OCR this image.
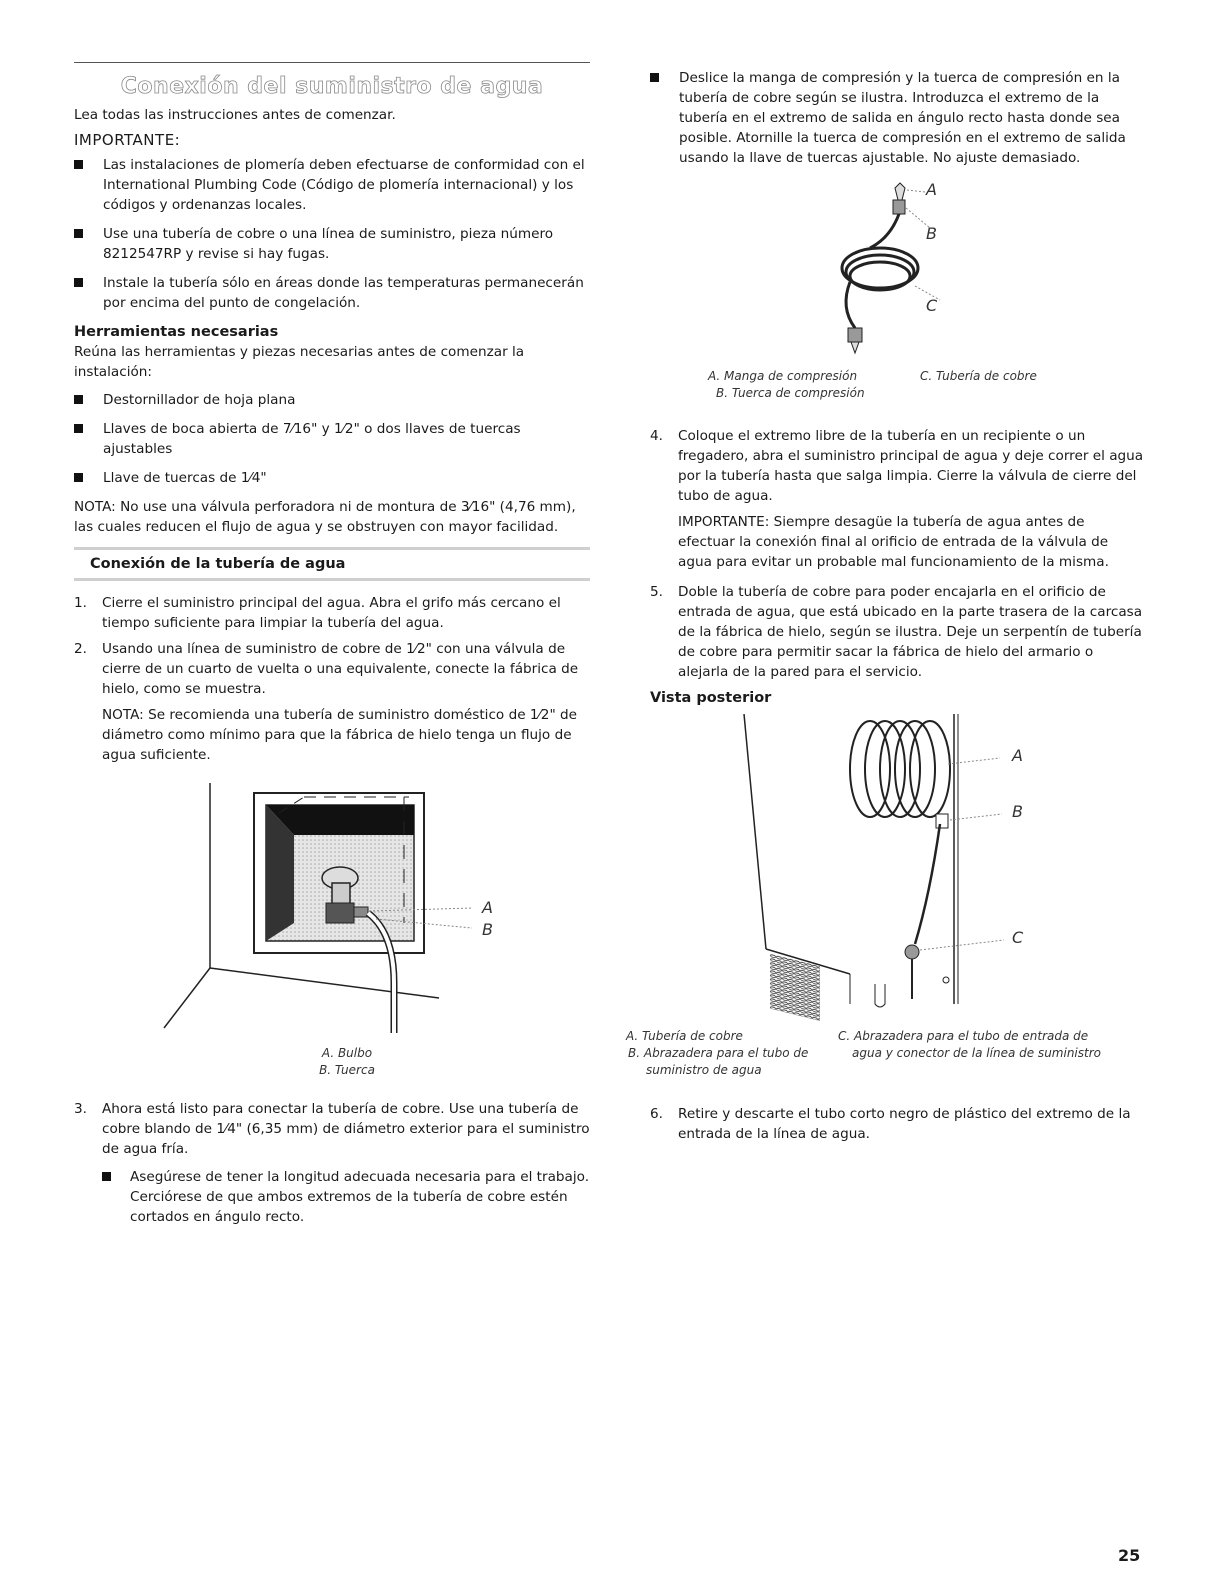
Conexión del suministro de agua

Lea todas las instrucciones antes de comenzar.

IMPORTANTE:

Las instalaciones de plomería deben efectuarse de conformidad con el International Plumbing Code (Código de plomería internacional) y los códigos y ordenanzas locales.
Use una tubería de cobre o una línea de suministro, pieza número 8212547RP y revise si hay fugas.
Instale la tubería sólo en áreas donde las temperaturas permanecerán por encima del punto de congelación.

Herramientas necesarias

Reúna las herramientas y piezas necesarias antes de comenzar la instalación:

Destornillador de hoja plana
Llaves de boca abierta de 7⁄16" y 1⁄2" o dos llaves de tuercas ajustables
Llave de tuercas de 1⁄4"

NOTA: No use una válvula perforadora ni de montura de 3⁄16" (4,76 mm), las cuales reducen el flujo de agua y se obstruyen con mayor facilidad.

Conexión de la tubería de agua
1. Cierre el suministro principal del agua. Abra el grifo más cercano el tiempo suficiente para limpiar la tubería del agua.
2. Usando una línea de suministro de cobre de 1⁄2" con una válvula de cierre de un cuarto de vuelta o una equivalente, conecte la fábrica de hielo, como se muestra.

NOTA: Se recomienda una tubería de suministro doméstico de 1⁄2" de diámetro como mínimo para que la fábrica de hielo tenga un flujo de agua suficiente.

A
B
A. Bulbo
B. Tuerca
3. Ahora está listo para conectar la tubería de cobre. Use una tubería de cobre blando de 1⁄4" (6,35 mm) de diámetro exterior para el suministro de agua fría.
Asegúrese de tener la longitud adecuada necesaria para el trabajo. Cerciórese de que ambos extremos de la tubería de cobre estén cortados en ángulo recto.
Deslice la manga de compresión y la tuerca de compresión en la tubería de cobre según se ilustra. Introduzca el extremo de la tubería en el extremo de salida en ángulo recto hasta donde sea posible. Atornille la tuerca de compresión en el extremo de salida usando la llave de tuercas ajustable. No ajuste demasiado.
A
B
C
A. Manga de compresión
B. Tuerca de compresión
C. Tubería de cobre
4. Coloque el extremo libre de la tubería en un recipiente o un fregadero, abra el suministro principal de agua y deje correr el agua por la tubería hasta que salga limpia. Cierre la válvula de cierre del tubo de agua.

IMPORTANTE: Siempre desagüe la tubería de agua antes de efectuar la conexión final al orificio de entrada de la válvula de agua para evitar un probable mal funcionamiento de la misma.

5. Doble la tubería de cobre para poder encajarla en el orificio de entrada de agua, que está ubicado en la parte trasera de la carcasa de la fábrica de hielo, según se ilustra. Deje un serpentín de tubería de cobre para permitir sacar la fábrica de hielo del armario o alejarla de la pared para el servicio.

Vista posterior

A
B
C
A. Tubería de cobre
B. Abrazadera para el tubo de
suministro de agua
C. Abrazadera para el tubo de entrada de
agua y conector de la línea de suministro
6. Retire y descarte el tubo corto negro de plástico del extremo de la entrada de la línea de agua.
25
